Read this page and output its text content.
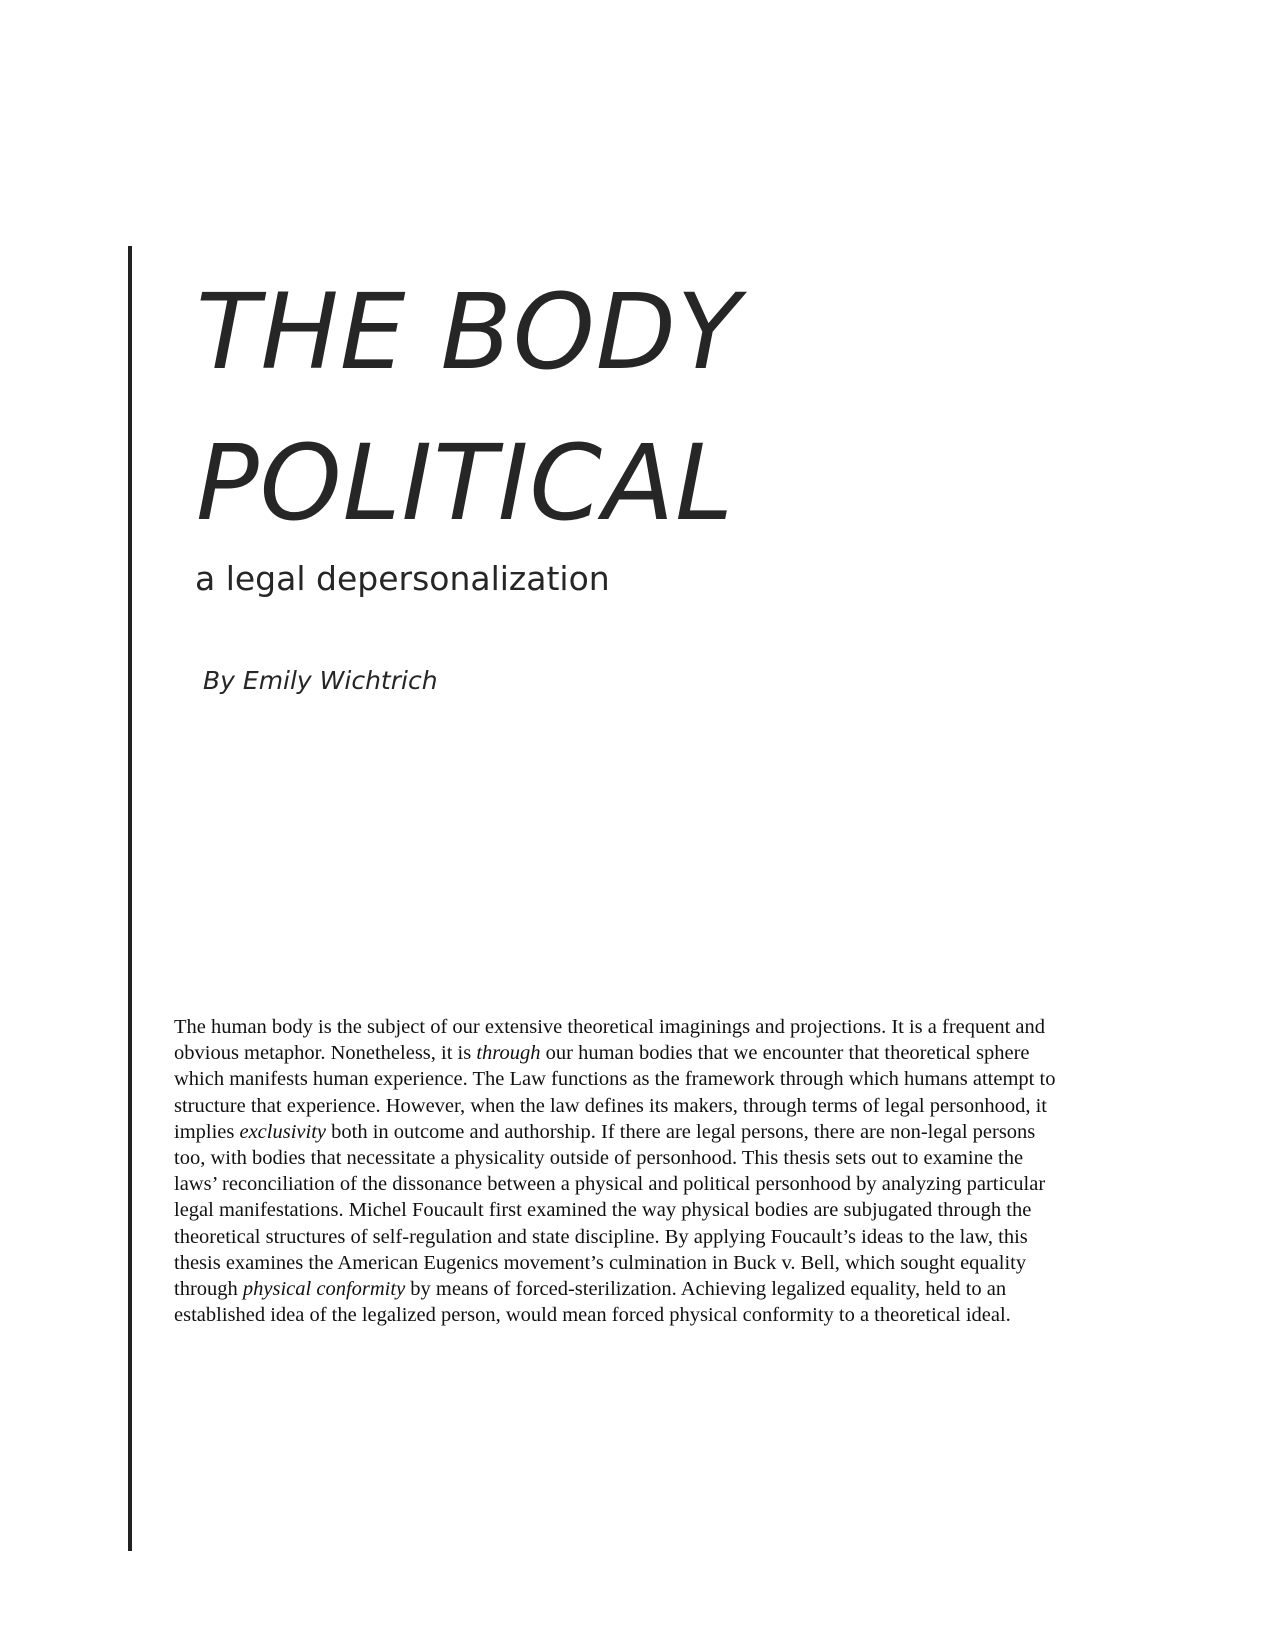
THE BODY
POLITICAL

a legal depersonalization

By Emily Wichtrich

The human body is the subject of our extensive theoretical imaginings and projections. It is a frequent and
obvious metaphor. Nonetheless, it is through our human bodies that we encounter that theoretical sphere
which manifests human experience. The Law functions as the framework through which humans attempt to
structure that experience. However, when the law defines its makers, through terms of legal personhood, it
implies exclusivity both in outcome and authorship. If there are legal persons, there are non-legal persons
too, with bodies that necessitate a physicality outside of personhood. This thesis sets out to examine the
laws’ reconciliation of the dissonance between a physical and political personhood by analyzing particular
legal manifestations. Michel Foucault first examined the way physical bodies are subjugated through the
theoretical structures of self-regulation and state discipline. By applying Foucault’s ideas to the law, this
thesis examines the American Eugenics movement’s culmination in Buck v. Bell, which sought equality
through physical conformity by means of forced-sterilization. Achieving legalized equality, held to an
established idea of the legalized person, would mean forced physical conformity to a theoretical ideal.
